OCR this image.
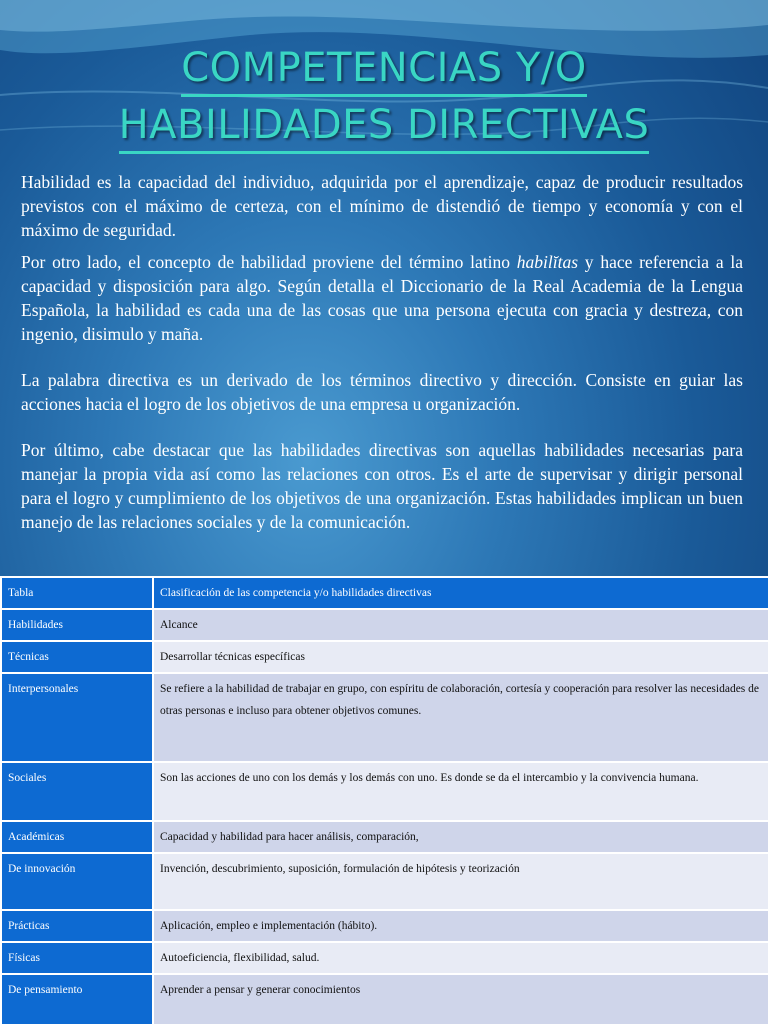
COMPETENCIAS Y/O
HABILIDADES DIRECTIVAS

Habilidad es la capacidad del individuo, adquirida por el aprendizaje, capaz de producir resultados previstos con el máximo de certeza, con el mínimo de distendió de tiempo y economía y con el máximo de seguridad.

Por otro lado, el concepto de habilidad proviene del término latino habilĭtas y hace referencia a la capacidad y disposición para algo. Según detalla el Diccionario de la Real Academia de la Lengua Española, la habilidad es cada una de las cosas que una persona ejecuta con gracia y destreza, con ingenio, disimulo y maña.

La palabra directiva es un derivado de los términos directivo y dirección. Consiste en guiar las acciones hacia el logro de los objetivos de una empresa u organización.

Por último, cabe destacar que las habilidades directivas son aquellas habilidades necesarias para manejar la propia vida así como las relaciones con otros. Es el arte de supervisar y dirigir personal para el logro y cumplimiento de los objetivos de una organización. Estas habilidades implican un buen manejo de las relaciones sociales y de la comunicación.

Tabla	Clasificación de las competencia y/o habilidades directivas
Habilidades	Alcance
Técnicas	Desarrollar técnicas específicas
Interpersonales	Se refiere a la habilidad de trabajar en grupo, con espíritu de colaboración, cortesía y cooperación para resolver las necesidades de otras personas e incluso para obtener objetivos comunes.
Sociales	Son las acciones de uno con los demás y los demás con uno. Es donde se da el intercambio y la convivencia humana.
Académicas	Capacidad y habilidad para hacer análisis, comparación,
De innovación	Invención, descubrimiento, suposición, formulación de hipótesis y teorización
Prácticas	Aplicación, empleo e implementación (hábito).
Físicas	Autoeficiencia, flexibilidad, salud.
De pensamiento	Aprender a pensar y generar conocimientos
